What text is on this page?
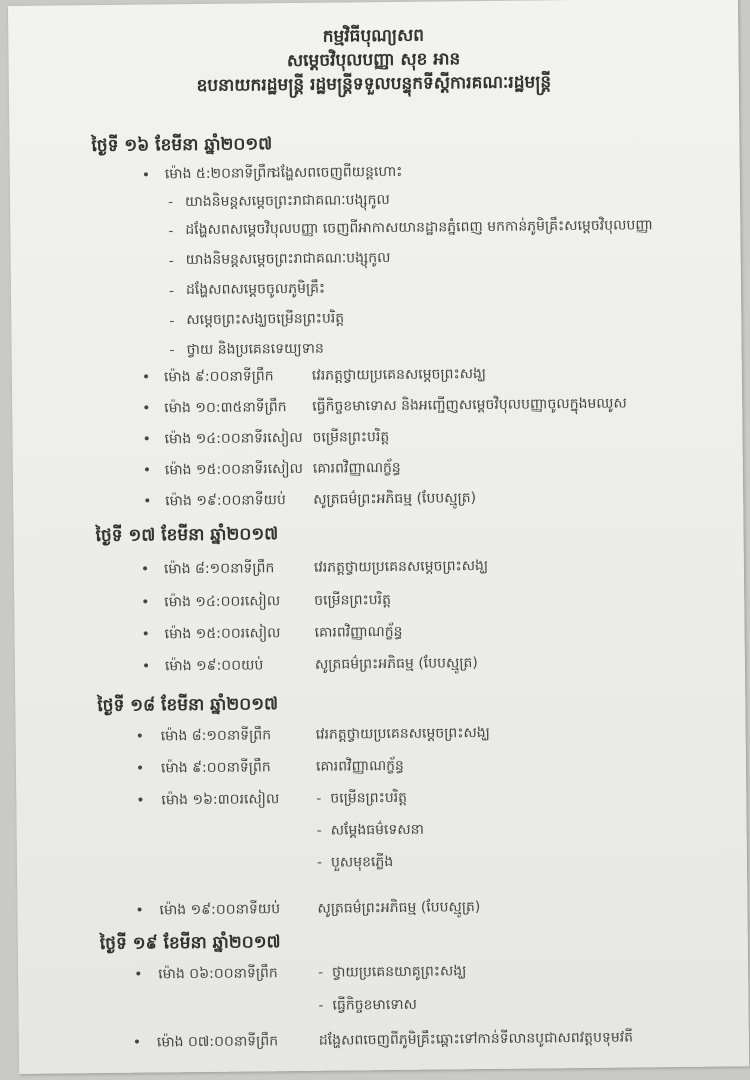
កម្មវិធីបុណ្យសព
សម្ដេចវិបុលបញ្ញា សុខ អាន
ឧបនាយករដ្ឋមន្ត្រី រដ្ឋមន្ត្រីទទួលបន្ទុកទីស្ដីការគណៈរដ្ឋមន្ត្រី
ថ្ងៃទី ១៦ ខែមីនា ឆ្នាំ២០១៧
• ម៉ោង ៥:២០នាទីព្រឹក
ដង្ហែសពចេញពីយន្តហោះ
- យាងនិមន្តសម្ដេចព្រះរាជាគណៈបង្សុកូល
- ដង្ហែសពសម្ដេចវិបុលបញ្ញា ចេញពីអាកាសយានដ្ឋានភ្នំពេញ មកកាន់ភូមិគ្រឹះសម្ដេចវិបុលបញ្ញា
- យាងនិមន្តសម្ដេចព្រះរាជាគណៈបង្សុកូល
- ដង្ហែសពសម្ដេចចូលភូមិគ្រឹះ
- សម្ដេចព្រះសង្ឃចម្រើនព្រះបរិត្ត
- ថ្វាយ និងប្រគេនទេយ្យទាន
• ម៉ោង ៩:០០នាទីព្រឹក	វេរភត្តថ្វាយប្រគេនសម្ដេចព្រះសង្ឃ
• ម៉ោង ១០:៣៥នាទីព្រឹក ធ្វើកិច្ចខមាទោស និងអញ្ជើញសម្ដេចវិបុលបញ្ញាចូលក្នុងមឈូស
• ម៉ោង ១៤:០០នាទីរសៀល ចម្រើនព្រះបរិត្ត
• ម៉ោង ១៥:០០នាទីរសៀល គោរពវិញ្ញាណក្ខ័ន្ធ
• ម៉ោង ១៩:០០នាទីយប់ សូត្រធម៌ព្រះអភិធម្ម (បែបស្មូត្រ)
ថ្ងៃទី ១៧ ខែមីនា ឆ្នាំ២០១៧
• ម៉ោង ៨:១០នាទីព្រឹក	វេរភត្តថ្វាយប្រគេនសម្ដេចព្រះសង្ឃ
• ម៉ោង ១៤:០០រសៀល ចម្រើនព្រះបរិត្ត
• ម៉ោង ១៥:០០រសៀល គោរពវិញ្ញាណក្ខ័ន្ធ
• ម៉ោង ១៩:០០យប់	សូត្រធម៌ព្រះអភិធម្ម (បែបស្មូត្រ)
ថ្ងៃទី ១៨ ខែមីនា ឆ្នាំ២០១៧
• ម៉ោង ៨:១០នាទីព្រឹក	វេរភត្តថ្វាយប្រគេនសម្ដេចព្រះសង្ឃ
• ម៉ោង ៩:០០នាទីព្រឹក	គោរពវិញ្ញាណក្ខ័ន្ធ
• ម៉ោង ១៦:៣០រសៀល	- ចម្រើនព្រះបរិត្ត
- សម្ដែងធម៌ទេសនា
- បួសមុខភ្លើង
• ម៉ោង ១៩:០០នាទីយប់	សូត្រធម៌ព្រះអភិធម្ម (បែបស្មូត្រ)
ថ្ងៃទី ១៩ ខែមីនា ឆ្នាំ២០១៧
• ម៉ោង ០៦:០០នាទីព្រឹក	- ថ្វាយប្រគេនយាគូព្រះសង្ឃ
- ធ្វើកិច្ចខមាទោស
• ម៉ោង ០៧:០០នាទីព្រឹក	ដង្ហែសពចេញពីភូមិគ្រឹះឆ្ពោះទៅកាន់ទីលានបូជាសពវត្តបទុមវតី
